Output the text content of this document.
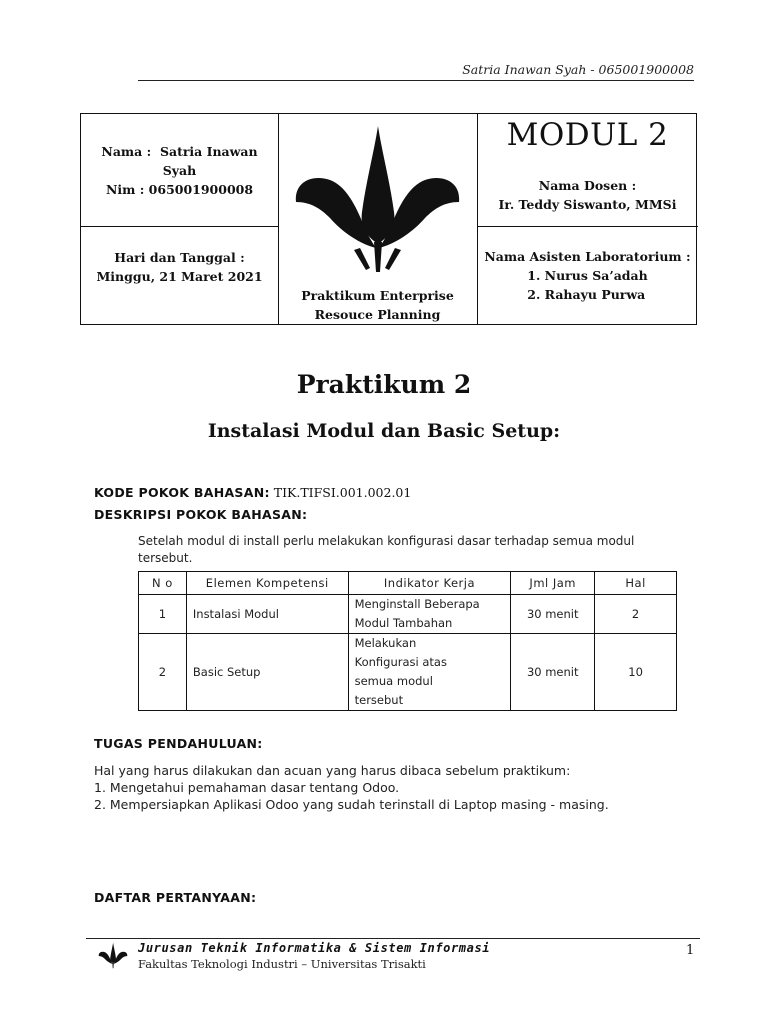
Satria Inawan Syah - 065001900008
Nama : Satria Inawan
Syah
Nim : 065001900008
Hari dan Tanggal :
Minggu, 21 Maret 2021
Praktikum Enterprise
Resouce Planning
MODUL 2
Nama Dosen :
Ir. Teddy Siswanto, MMSi
Nama Asisten Laboratorium :
1. Nurus Sa’adah
2. Rahayu Purwa
Praktikum 2
Instalasi Modul dan Basic Setup:
KODE POKOK BAHASAN: TIK.TIFSI.001.002.01
DESKRIPSI POKOK BAHASAN:
Setelah modul di install perlu melakukan konfigurasi dasar terhadap semua modul
tersebut.
N o	Elemen Kompetensi	Indikator Kerja	Jml Jam	Hal
1	Instalasi Modul	Menginstall Beberapa
Modul Tambahan	30 menit	2
2	Basic Setup	Melakukan
Konfigurasi atas
semua modul
tersebut	30 menit	10
TUGAS PENDAHULUAN:
Hal yang harus dilakukan dan acuan yang harus dibaca sebelum praktikum:
1. Mengetahui pemahaman dasar tentang Odoo.
2. Mempersiapkan Aplikasi Odoo yang sudah terinstall di Laptop masing - masing.
DAFTAR PERTANYAAN:
Jurusan Teknik Informatika & Sistem Informasi
Fakultas Teknologi Industri – Universitas Trisakti
1
